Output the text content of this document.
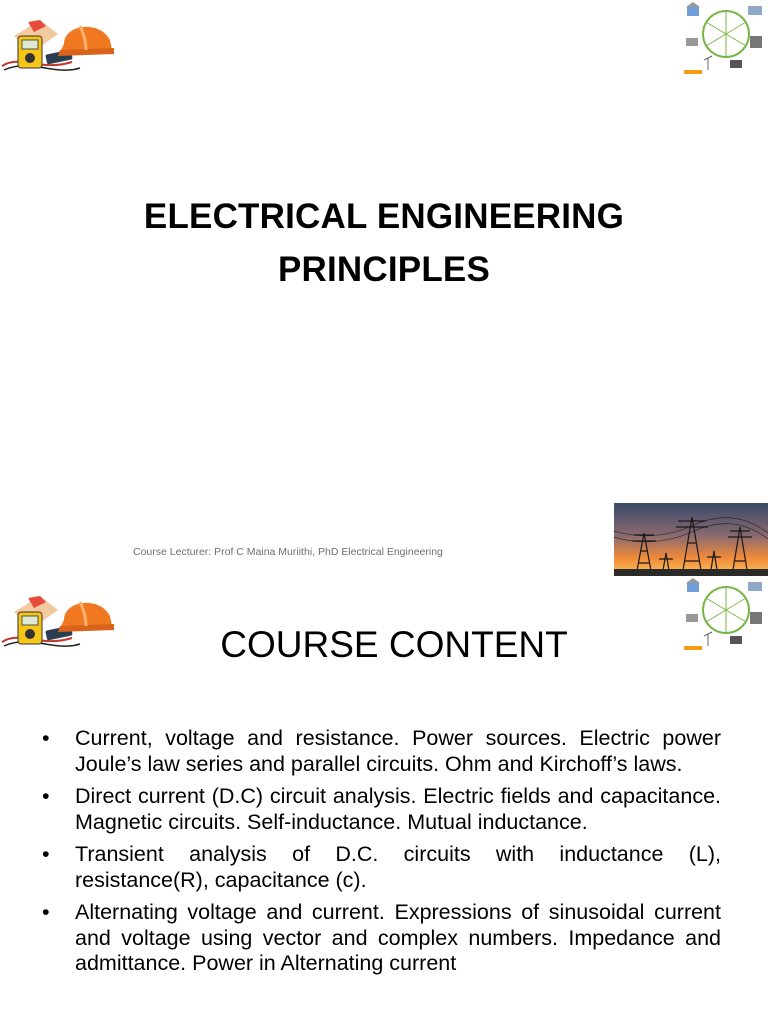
ELECTRICAL ENGINEERING
PRINCIPLES
Course Lecturer: Prof C Maina Muriithi, PhD Electrical Engineering
COURSE CONTENT
• Current, voltage and resistance. Power sources. Electric power Joule’s law series and parallel circuits. Ohm and Kirchoff’s laws.
• Direct current (D.C) circuit analysis. Electric fields and capacitance. Magnetic circuits. Self-inductance. Mutual inductance.
• Transient analysis of D.C. circuits with inductance (L), resistance(R), capacitance (c).
• Alternating voltage and current. Expressions of sinusoidal current and voltage using vector and complex numbers. Impedance and admittance. Power in Alternating current
